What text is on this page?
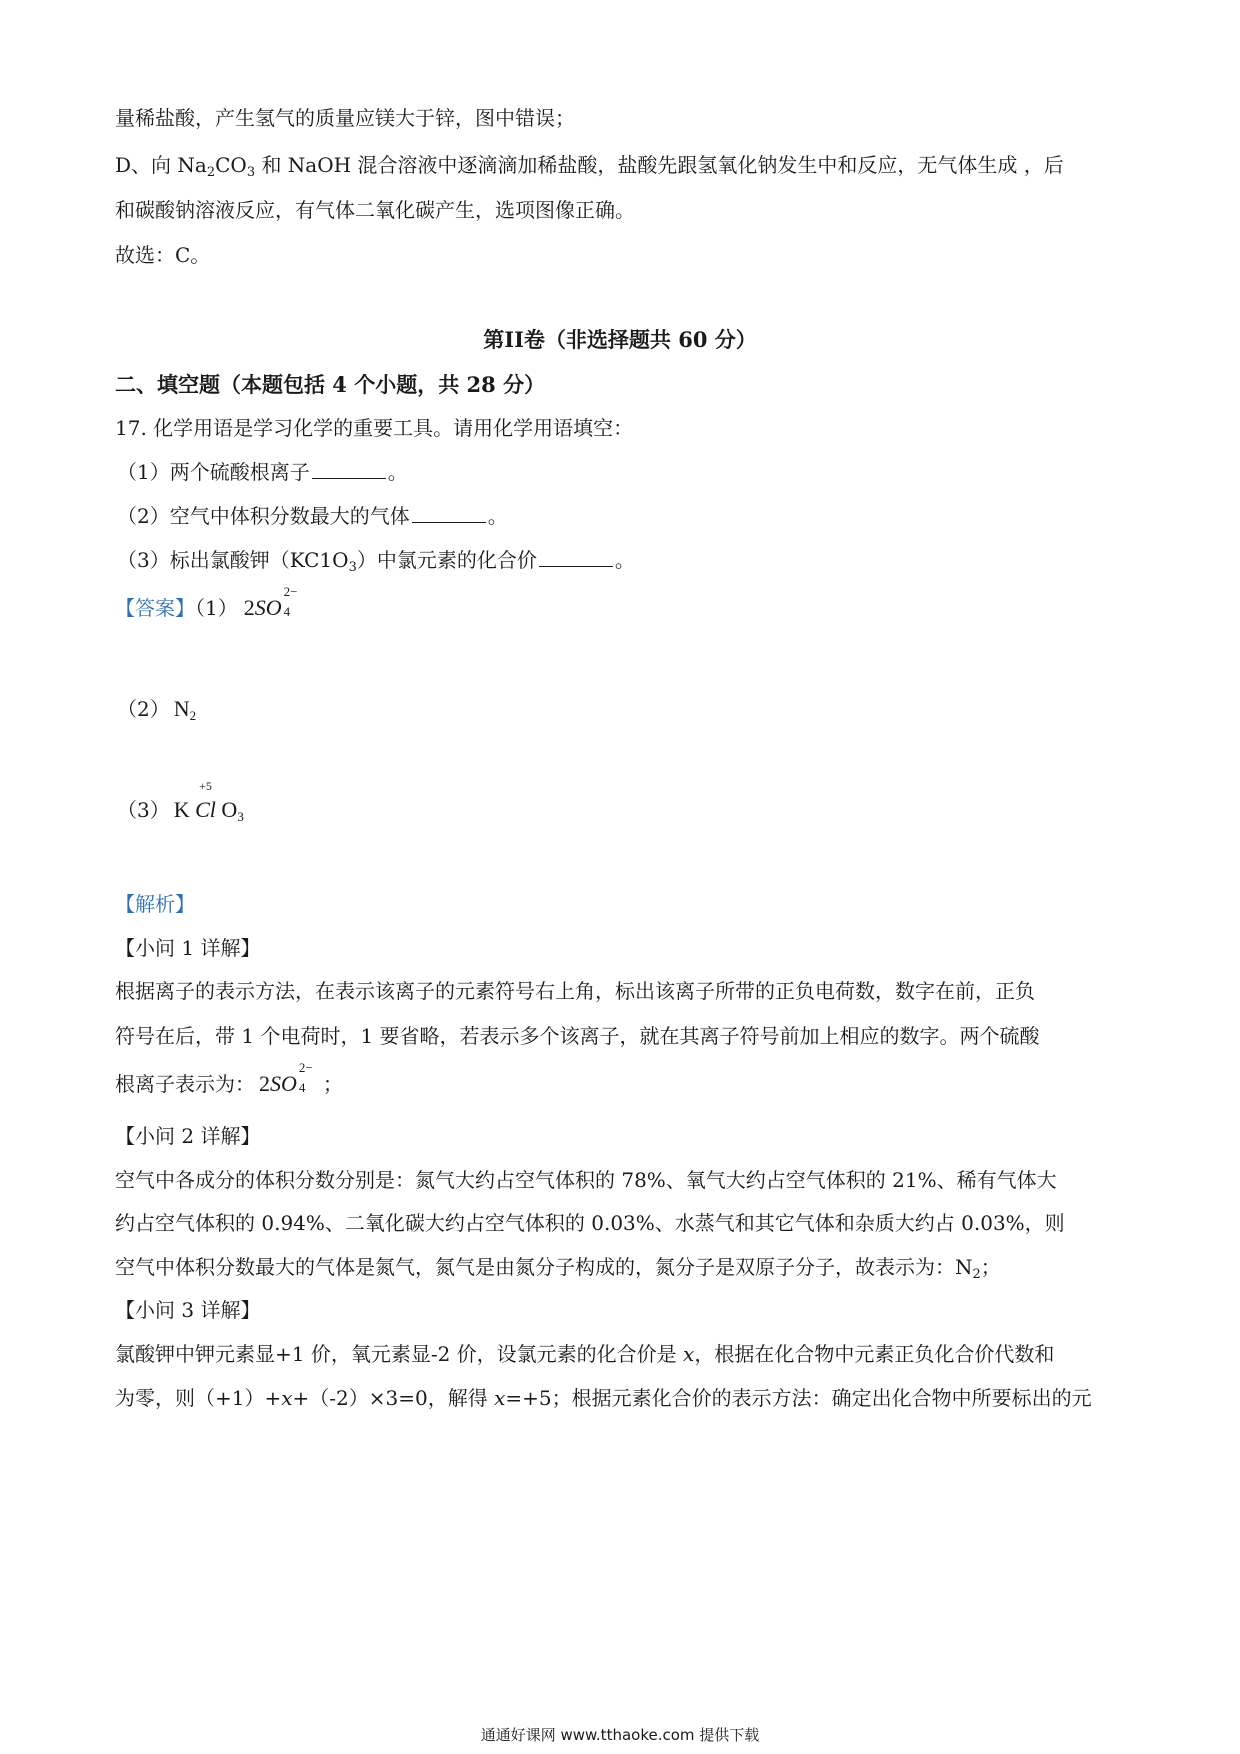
量稀盐酸，产生氢气的质量应镁大于锌，图中错误；
D、向 $Na_2CO_3$ 和 NaOH 混合溶液中逐滴滴加稀盐酸，盐酸先跟氢氧化钠发生中和反应，无气体生成 ，后
和碳酸钠溶液反应，有气体二氧化碳产生，选项图像正确。
故选：C。
第II卷（非选择题共 60 分）
二、填空题（本题包括 4 个小题，共 28 分）
17. 化学用语是学习化学的重要工具。请用化学用语填空：
（1）两个硫酸根离子	。
（2）空气中体积分数最大的气体	。
（3）标出氯酸钾$(KC1O_3)$中氯元素的化合价	。
【答案】（1） 2SO
2−
4
（2） $N_2$
（3） K
+5
Cl $O_3$
【解析】
【小问 1 详解】
根据离子的表示方法，在表示该离子的元素符号右上角，标出该离子所带的正负电荷数，数字在前，正负
符号在后，带 1 个电荷时，1 要省略，若表示多个该离子，就在其离子符号前加上相应的数字。两个硫酸
根离子表示为： 2SO
2−
4 ；
【小问 2 详解】
空气中各成分的体积分数分别是：氮气大约占空气体积的 78%、氧气大约占空气体积的 21%、稀有气体大
约占空气体积的 0.94%、二氧化碳大约占空气体积的 0.03%、水蒸气和其它气体和杂质大约占 0.03%，则
空气中体积分数最大的气体是氮气，氮气是由氮分子构成的，氮分子是双原子分子，故表示为：$N_2$；
【小问 3 详解】
氯酸钾中钾元素显+1 价，氧元素显-2 价，设氯元素的化合价是 x，根据在化合物中元素正负化合价代数和
为零，则（+1）+x+（-2）×3=0，解得 x=+5；根据元素化合价的表示方法：确定出化合物中所要标出的元
通通好课网 www.tthaoke.com 提供下载
